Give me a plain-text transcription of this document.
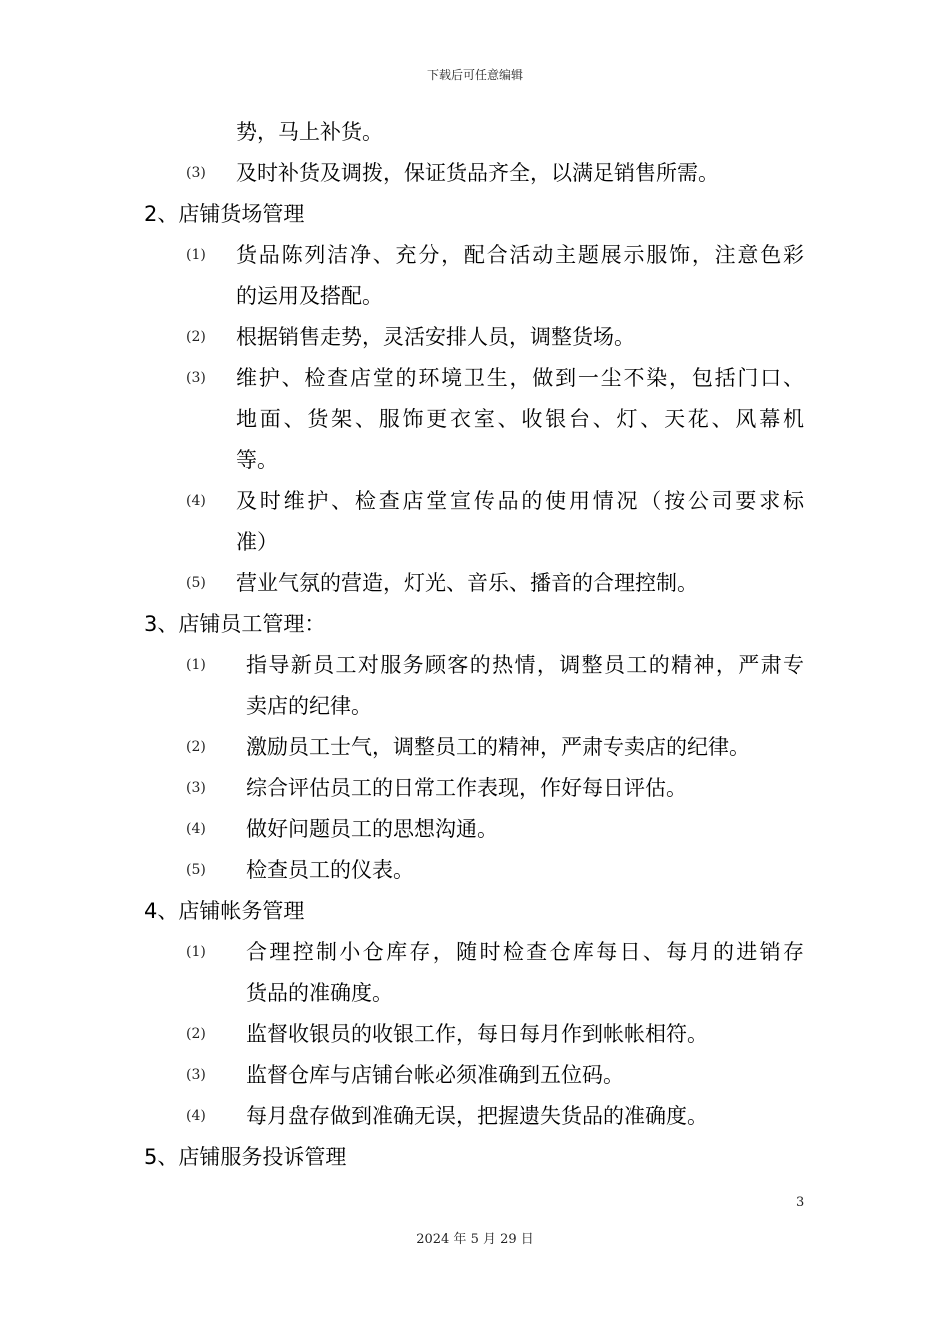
下载后可任意编辑
势，马上补货。
(3) 及时补货及调拨，保证货品齐全，以满足销售所需。
2、店铺货场管理
(1) 货品陈列洁净、充分，配合活动主题展示服饰，注意色彩
的运用及搭配。
(2) 根据销售走势，灵活安排人员，调整货场。
(3) 维护、检查店堂的环境卫生，做到一尘不染，包括门口、
地面、货架、服饰更衣室、收银台、灯、天花、风幕机
等。
(4) 及时维护、检查店堂宣传品的使用情况（按公司要求标
准）
(5) 营业气氛的营造，灯光、音乐、播音的合理控制。
3、店铺员工管理：
(1) 指导新员工对服务顾客的热情，调整员工的精神，严肃专
卖店的纪律。
(2) 激励员工士气，调整员工的精神，严肃专卖店的纪律。
(3) 综合评估员工的日常工作表现，作好每日评估。
(4) 做好问题员工的思想沟通。
(5) 检查员工的仪表。
4、店铺帐务管理
(1) 合理控制小仓库存，随时检查仓库每日、每月的进销存
货品的准确度。
(2) 监督收银员的收银工作，每日每月作到帐帐相符。
(3) 监督仓库与店铺台帐必须准确到五位码。
(4) 每月盘存做到准确无误，把握遗失货品的准确度。
5、店铺服务投诉管理
3
2024 年 5 月 29 日
